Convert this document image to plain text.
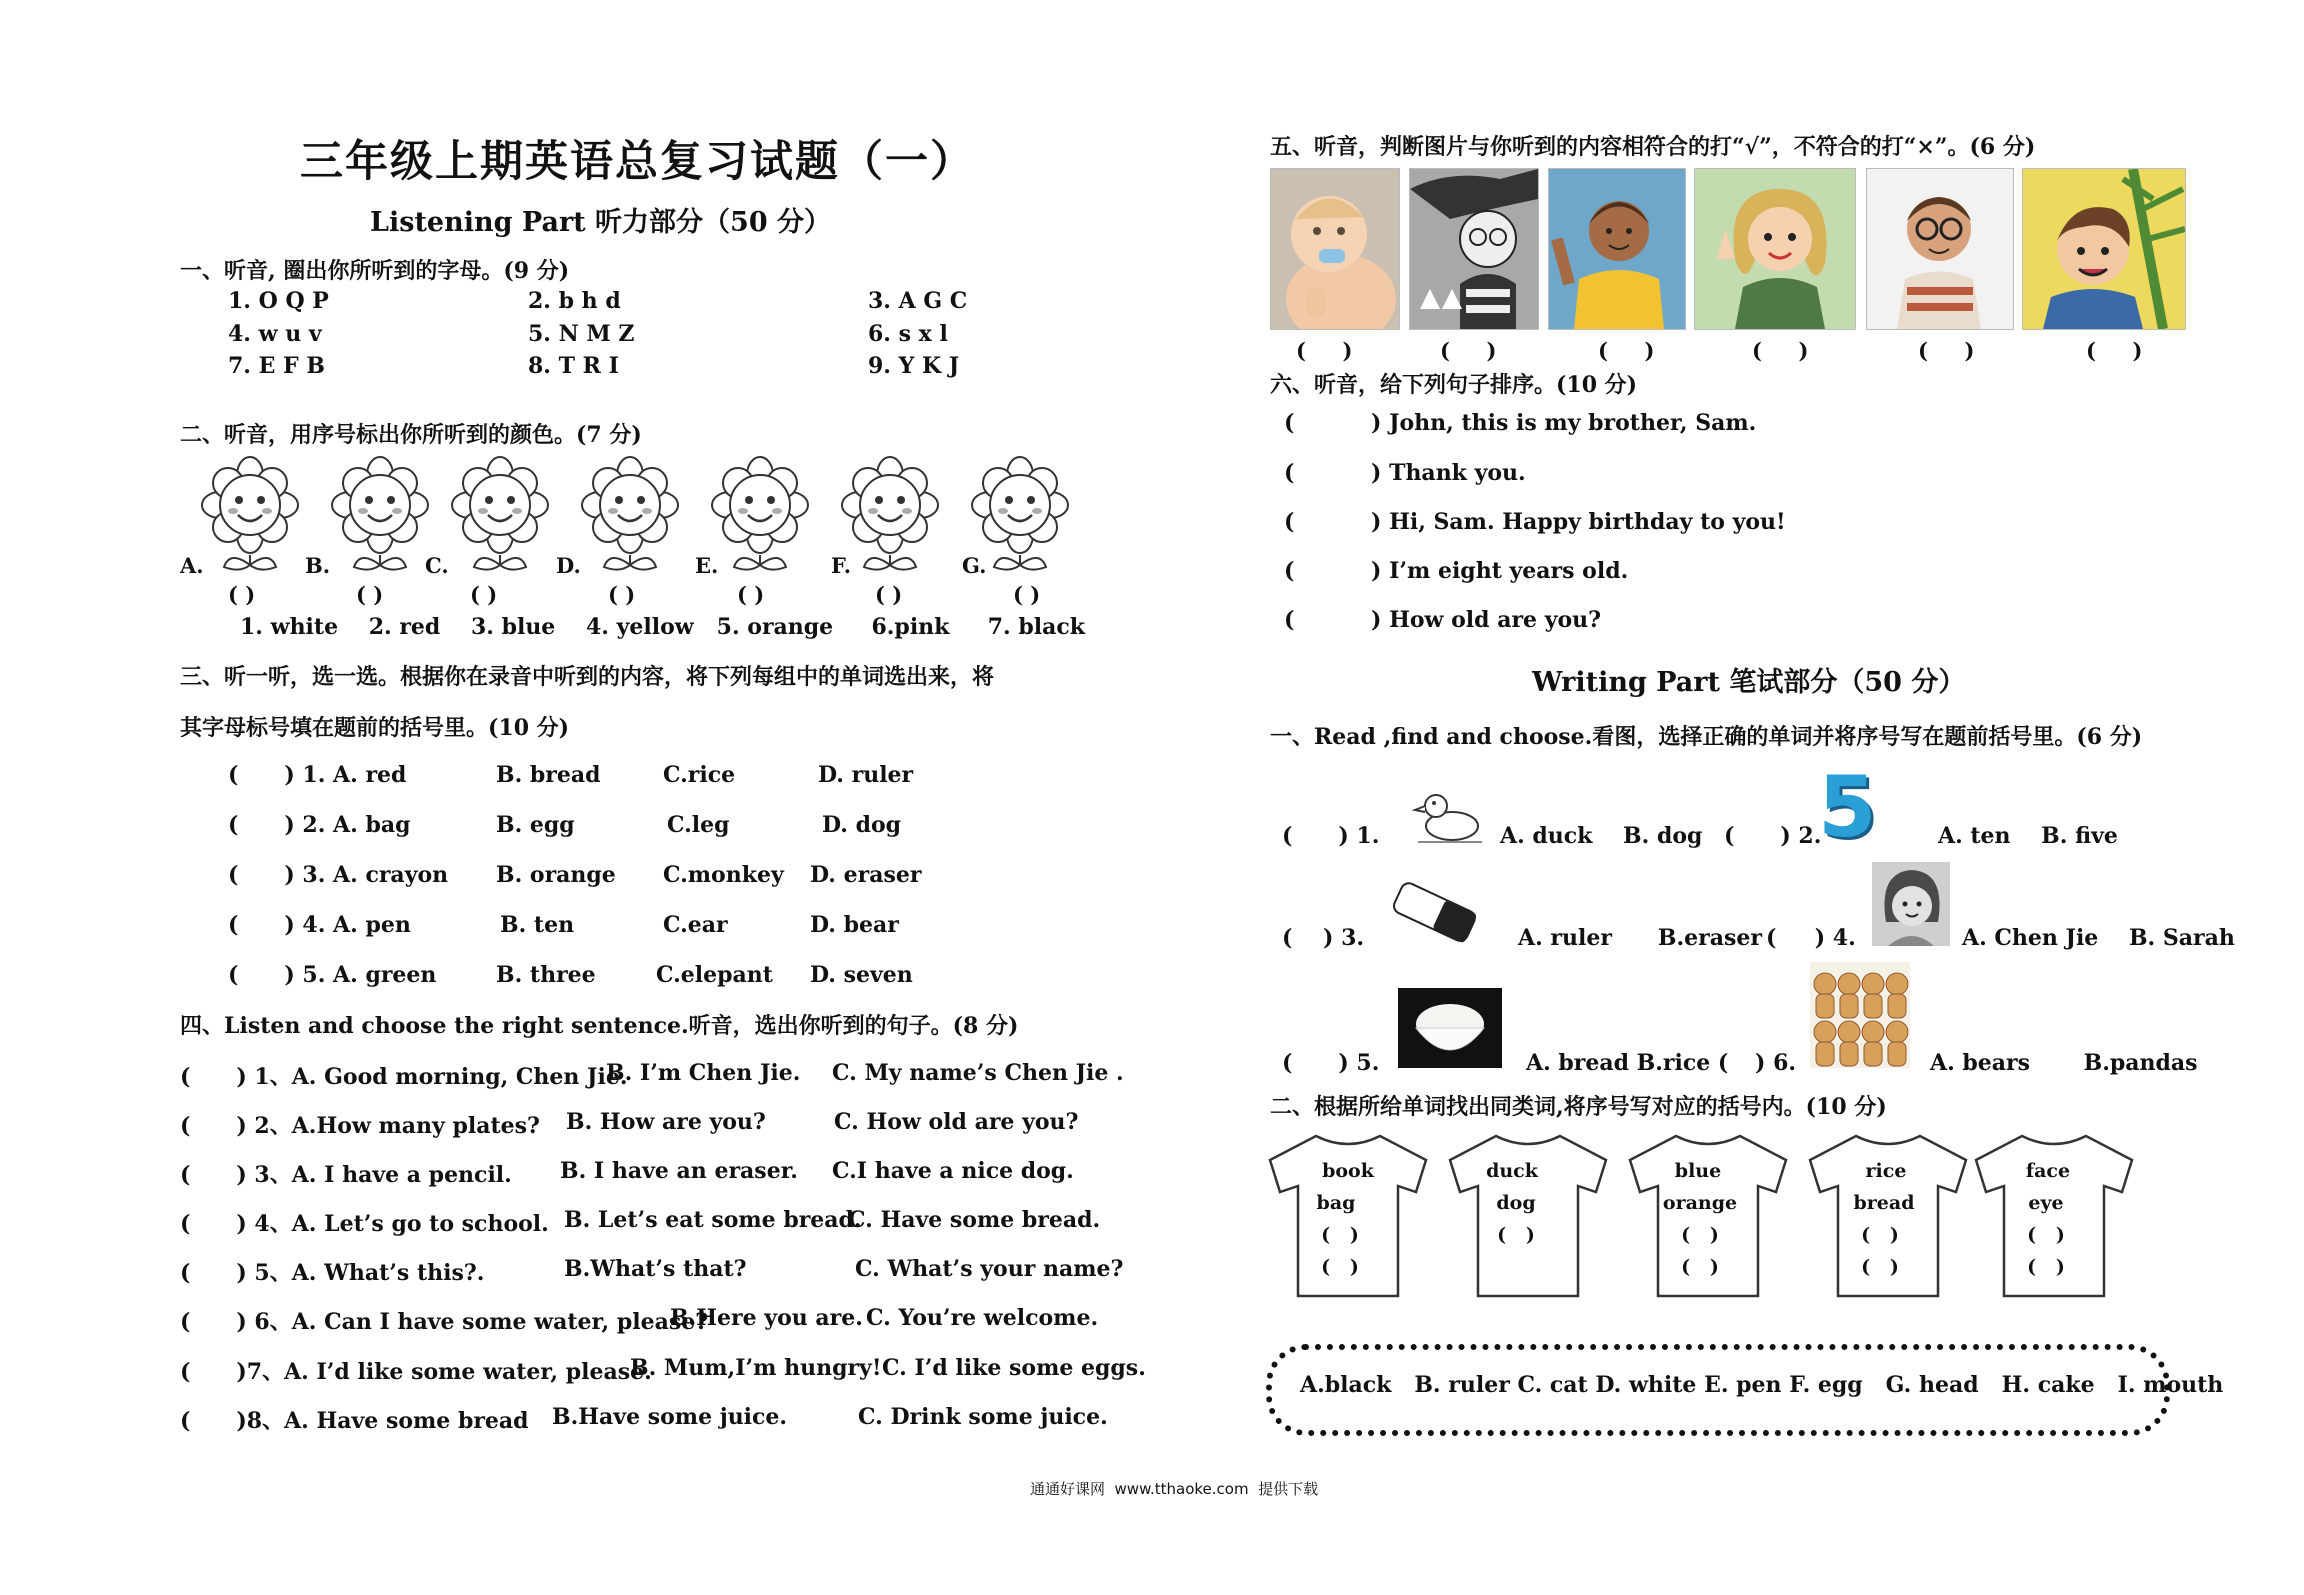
三年级上期英语总复习试题（一）
Listening Part 听力部分（50 分）
一、听音, 圈出你所听到的字母。(9 分)
1. O Q P	2. b h d	3. A G C
4. w u v	5. N M Z	6. s x l
7. E F B	8. T R I	9. Y K J
二、听音，用序号标出你所听到的颜色。(7 分)
A.	B.	C.	D.	E.	F.	G.
( )	( )	( )	( )	( )	( )	( )
1. white    2. red    3. blue    4. yellow   5. orange     6.pink     7. black
三、听一听，选一选。根据你在录音中听到的内容，将下列每组中的单词选出来，将
其字母标号填在题前的括号里。(10 分)
(      ) 1. A. red	B. bread	C.rice	D. ruler
(      ) 2. A. bag	B. egg	C.leg	D. dog
(      ) 3. A. crayon B. orange C.monkey D. eraser
(      ) 4. A. pen	B. ten	C.ear	D. bear
(      ) 5. A. green	B. three	C.elepant D. seven
四、Listen and choose the right sentence.听音，选出你听到的句子。(8 分)
(      ) 1、A. Good morning, Chen Jie.
B. I’m Chen Jie. C. My name’s Chen Jie .
(      ) 2、A.How many plates? B. How are you?	C. How old are you?
(      ) 3、A. I have a pencil. B. I have an eraser. C.I have a nice dog.
(      ) 4、A. Let’s go to school. B. Let’s eat some bread.
C. Have some bread.
(      ) 5、A. What’s this?.	B.What’s that?	C. What’s your name?
(      ) 6、A. Can I have some water, please?
B.Here you are. C. You’re welcome.
(      )7、A. I’d like some water, please.
B. Mum,I’m hungry! C. I’d like some eggs.
(      )8、A. Have some bread B.Have some juice.	C. Drink some juice.
五、听音，判断图片与你听到的内容相符合的打“√”，不符合的打“×”。(6 分)
(     )	(     )	(     )	(     )	(     )	(     )
六、听音，给下列句子排序。(10 分)
(          ) John, this is my brother, Sam.
(          ) Thank you.
(          ) Hi, Sam. Happy birthday to you!
(          ) I’m eight years old.
(          ) How old are you?
Writing Part 笔试部分（50 分）
一、Read ,find and choose.看图，选择正确的单词并将序号写在题前括号里。(6 分)
(      ) 1.	A. duck    B. dog (      ) 2.
5	A. ten    B. five
(    ) 3.	A. ruler      B.eraser (     ) 4.	A. Chen Jie    B. Sarah
(      ) 5.	A. bread B.rice ( ) 6.	A. bears       B.pandas
二、根据所给单词找出同类词,将序号写对应的括号内。(10 分)
book
bag
(   )
(   )
duck
dog
(   )
blue
orange
(   )
(   )
rice
bread
(   )
(   )
face
eye
(   )
(   )
A.black   B. ruler C. cat D. white E. pen F. egg   G. head   H. cake   I. mouth
通通好课网  www.tthaoke.com  提供下载
